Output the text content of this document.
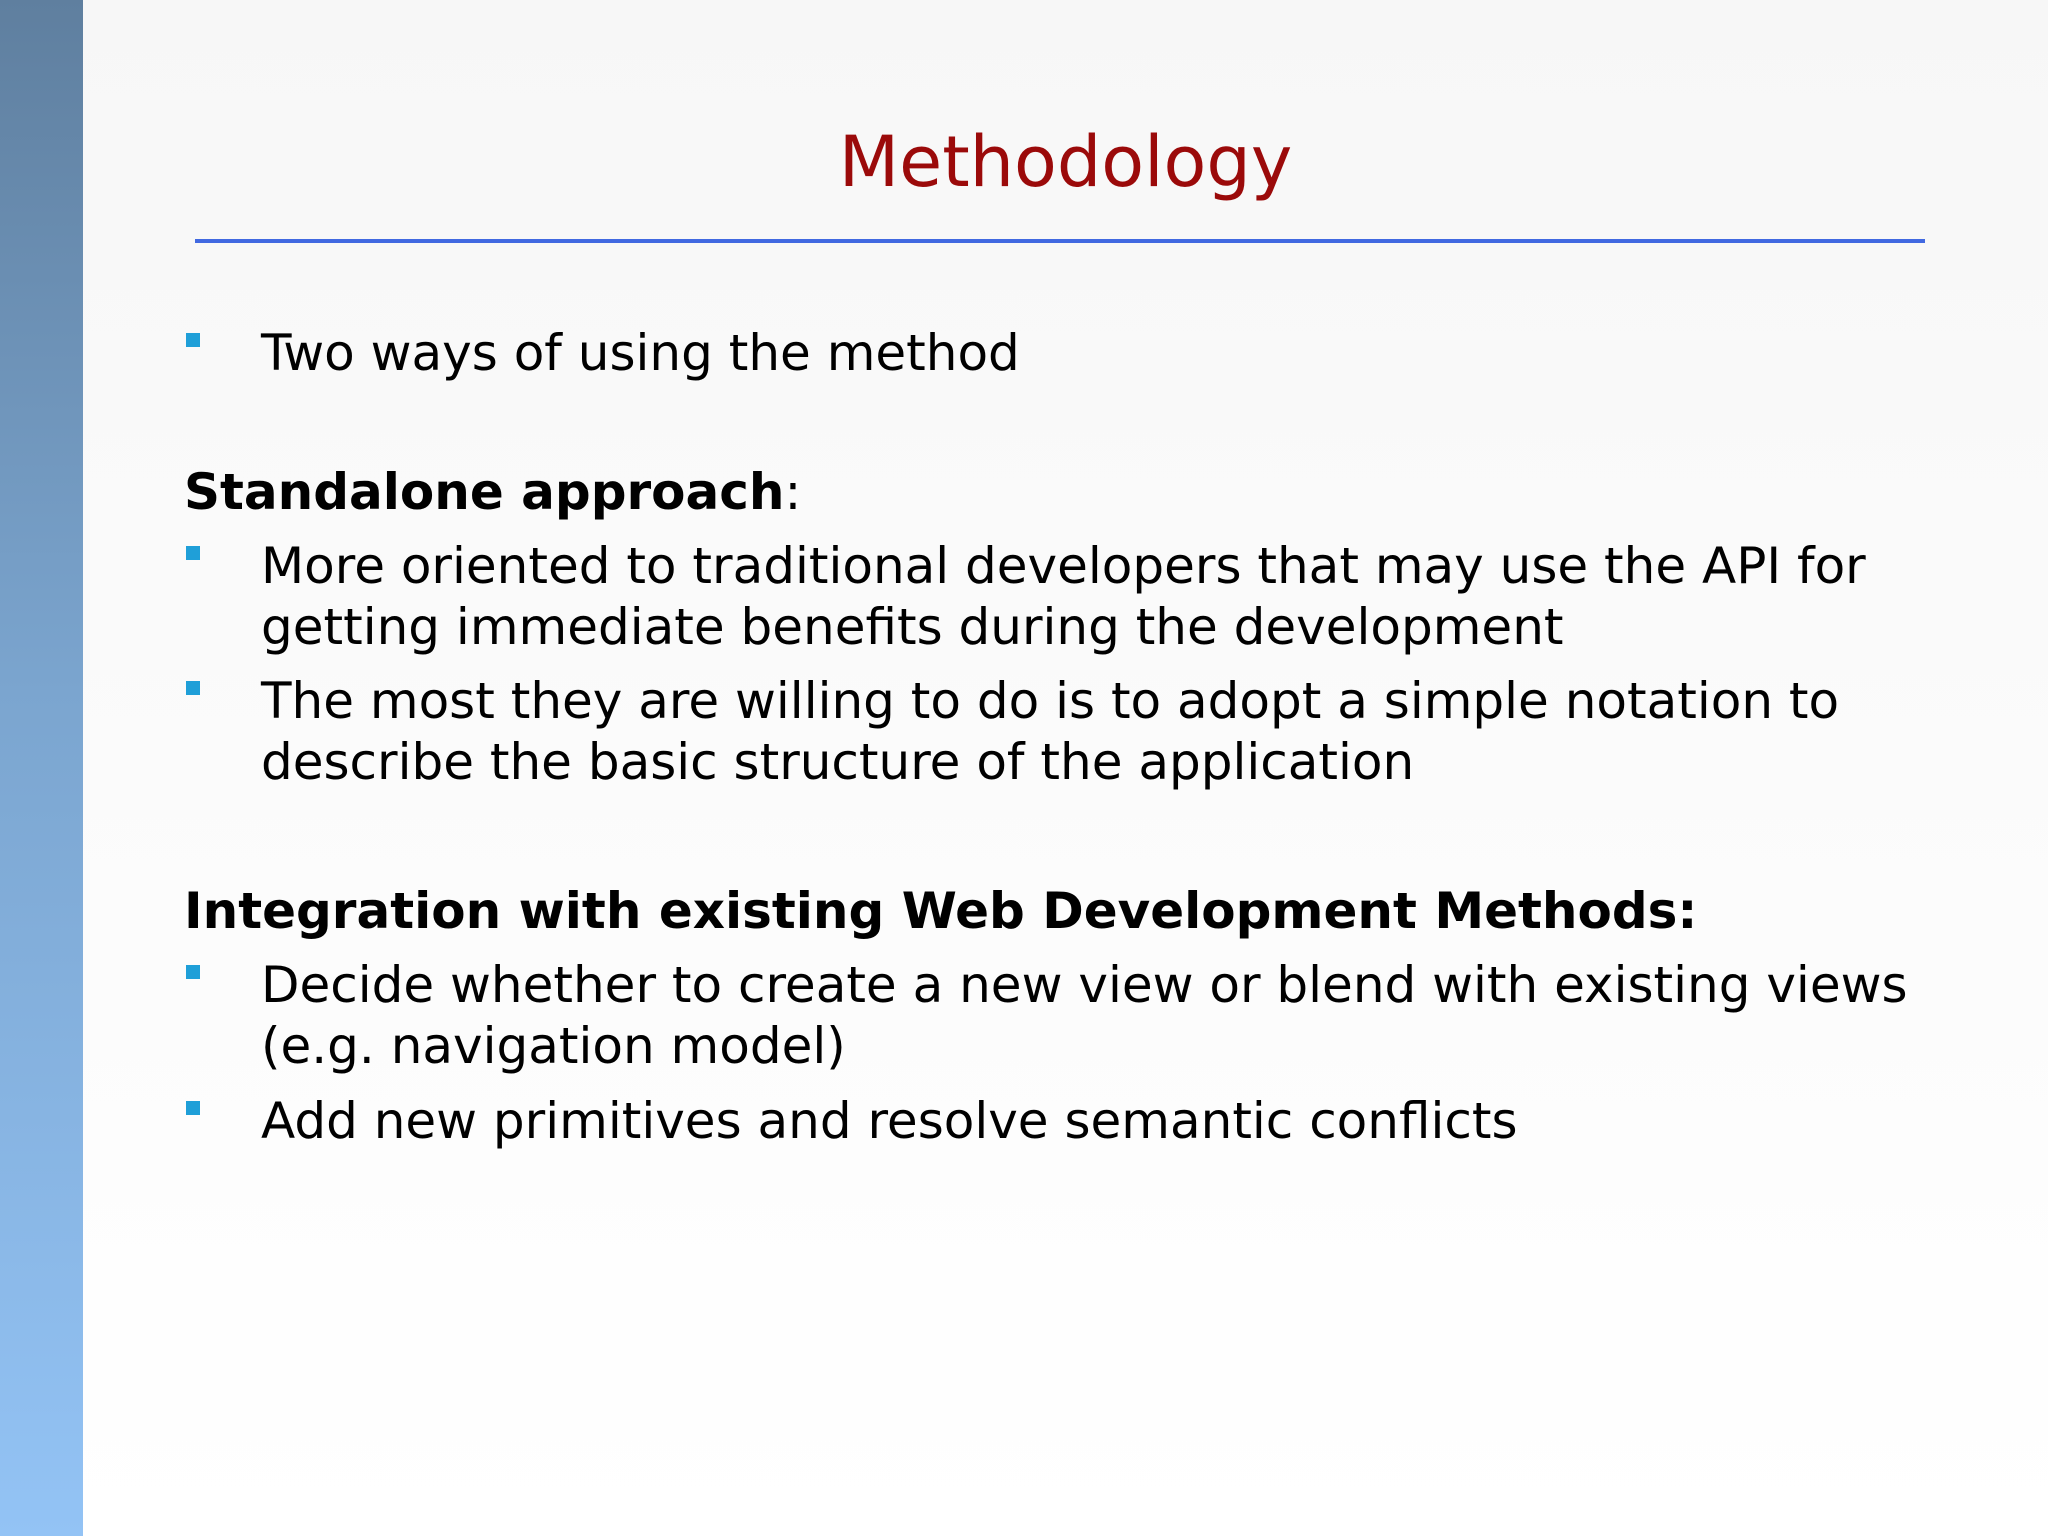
Methodology
Two ways of using the method
Standalone approach:
More oriented to traditional developers that may use the API for getting immediate benefits during the development
The most they are willing to do is to adopt a simple notation to describe the basic structure of the application
Integration with existing Web Development Methods:
Decide whether to create a new view or blend with existing views (e.g. navigation model)
Add new primitives and resolve semantic conflicts
